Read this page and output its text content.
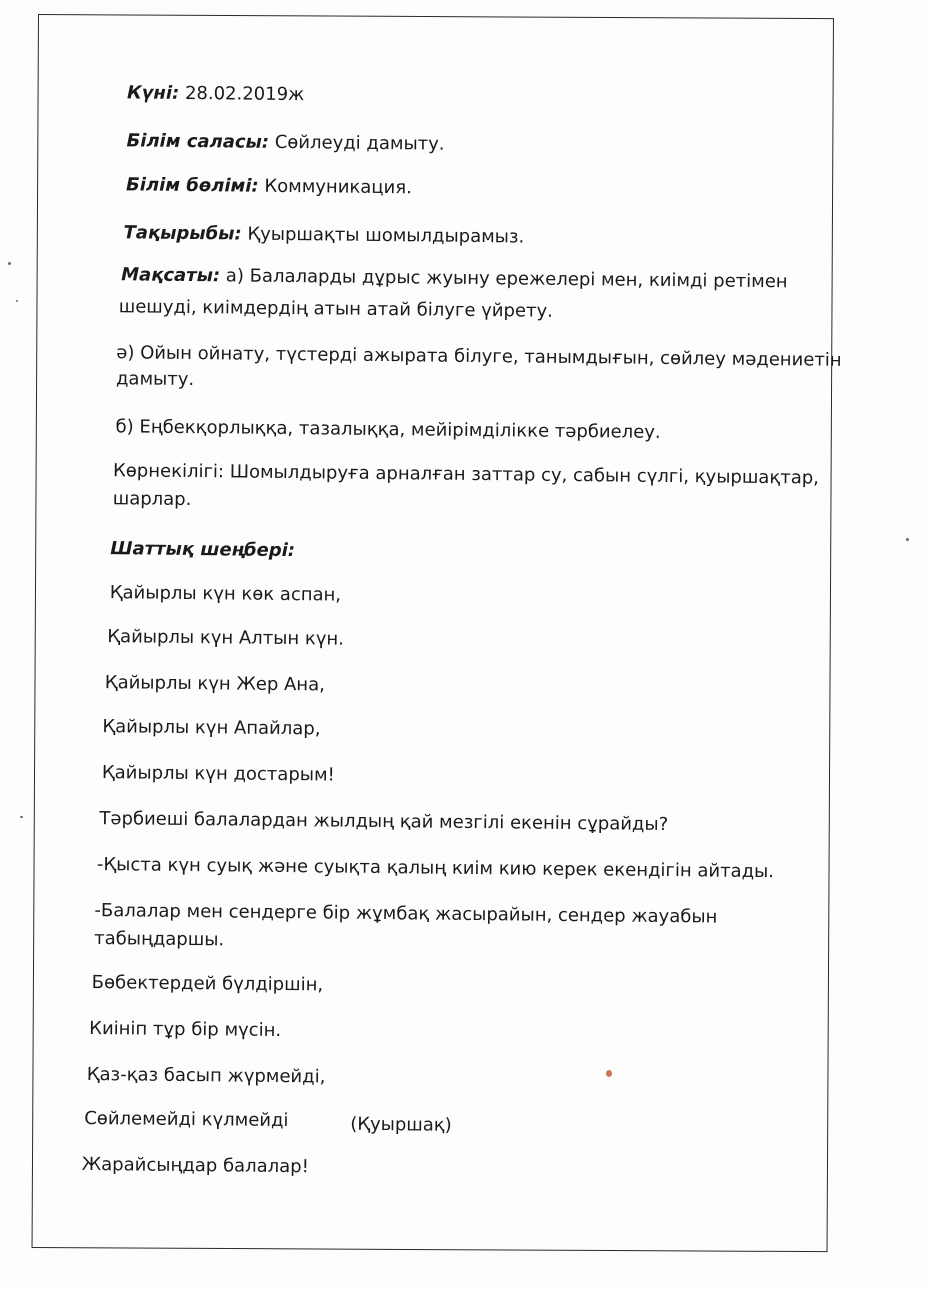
Күні: 28.02.2019ж
Білім саласы: Сөйлеуді дамыту.
Білім бөлімі: Коммуникация.
Тақырыбы: Қуыршақты шомылдырамыз.
Мақсаты: а) Балаларды дұрыс жуыну ережелері мен, киімді ретімен
шешуді, киімдердің атын атай білуге үйрету.
ә) Ойын ойнату, түстерді ажырата білуге, танымдығын, сөйлеу мәдениетін
дамыту.
б) Еңбекқорлыққа, тазалыққа, мейірімділікке тәрбиелеу.
Көрнекілігі: Шомылдыруға арналған заттар су, сабын сүлгі, қуыршақтар,
шарлар.
Шаттық шеңбері:
Қайырлы күн көк аспан,
Қайырлы күн Алтын күн.
Қайырлы күн Жер Ана,
Қайырлы күн Апайлар,
Қайырлы күн достарым!
Тәрбиеші балалардан жылдың қай мезгілі екенін сұрайды?
-Қыста күн суық және суықта қалың киім кию керек екендігін айтады.
-Балалар мен сендерге бір жұмбақ жасырайын, сендер жауабын
табыңдаршы.
Бөбектердей бүлдіршін,
Киініп тұр бір мүсін.
Қаз-қаз басып жүрмейді,
Сөйлемейді күлмейді	(Қуыршақ)
Жарайсыңдар балалар!
